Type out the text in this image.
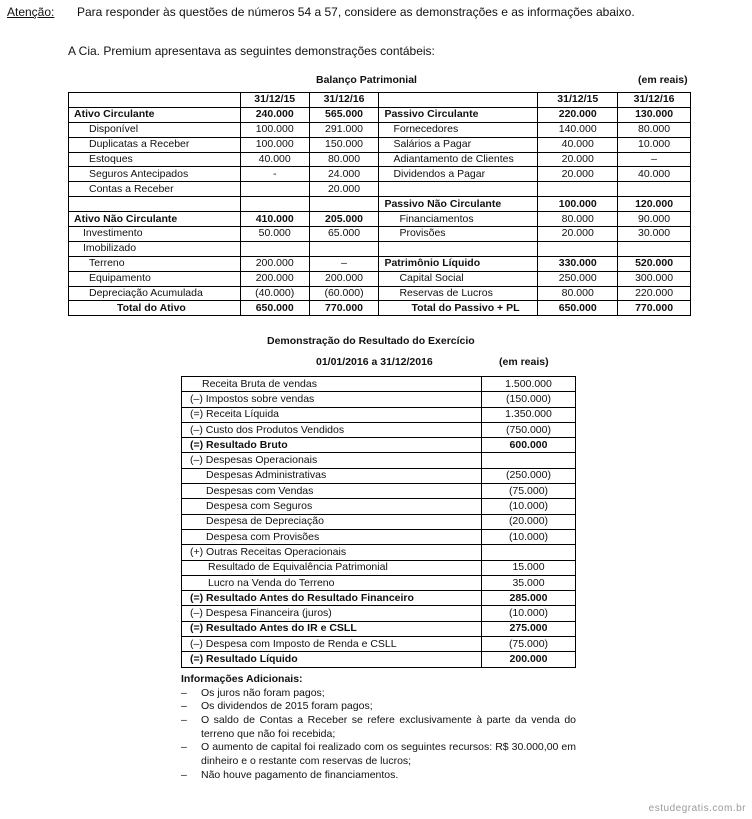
Atenção: Para responder às questões de números 54 a 57, considere as demonstrações e as informações abaixo.
A Cia. Premium apresentava as seguintes demonstrações contábeis:
Balanço Patrimonial	(em reais)
	31/12/15	31/12/16		31/12/15	31/12/16
Ativo Circulante	240.000	565.000	Passivo Circulante	220.000	130.000
Disponível	100.000	291.000	Fornecedores	140.000	80.000
Duplicatas a Receber	100.000	150.000	Salários a Pagar	40.000	10.000
Estoques	40.000	80.000	Adiantamento de Clientes	20.000	–
Seguros Antecipados	-	24.000	Dividendos a Pagar	20.000	40.000
Contas a Receber		20.000			
			Passivo Não Circulante	100.000	120.000
Ativo Não Circulante	410.000	205.000	Financiamentos	80.000	90.000
Investimento	50.000	65.000	Provisões	20.000	30.000
Imobilizado					
Terreno	200.000	–	Patrimônio Líquido	330.000	520.000
Equipamento	200.000	200.000	Capital Social	250.000	300.000
Depreciação Acumulada	(40.000)	(60.000)	Reservas de Lucros	80.000	220.000
Total do Ativo	650.000	770.000	Total do Passivo + PL	650.000	770.000
Demonstração do Resultado do Exercício
01/01/2016 a 31/12/2016	(em reais)
Receita Bruta de vendas	1.500.000
(–) Impostos sobre vendas	(150.000)
(=) Receita Líquida	1.350.000
(–) Custo dos Produtos Vendidos	(750.000)
(=) Resultado Bruto	600.000
(–) Despesas Operacionais	
Despesas Administrativas	(250.000)
Despesas com Vendas	(75.000)
Despesa com Seguros	(10.000)
Despesa de Depreciação	(20.000)
Despesa com Provisões	(10.000)
(+) Outras Receitas Operacionais	
Resultado de Equivalência Patrimonial	15.000
Lucro na Venda do Terreno	35.000
(=) Resultado Antes do Resultado Financeiro	285.000
(–) Despesa Financeira (juros)	(10.000)
(=) Resultado Antes do IR e CSLL	275.000
(–) Despesa com Imposto de Renda e CSLL	(75.000)
(=) Resultado Líquido	200.000
Informações Adicionais:
– Os juros não foram pagos;
– Os dividendos de 2015 foram pagos;
– O saldo de Contas a Receber se refere exclusivamente à parte da venda do terreno que não foi recebida;
– O aumento de capital foi realizado com os seguintes recursos: R$ 30.000,00 em dinheiro e o restante com reservas de lucros;
– Não houve pagamento de financiamentos.
estudegratis.com.br
